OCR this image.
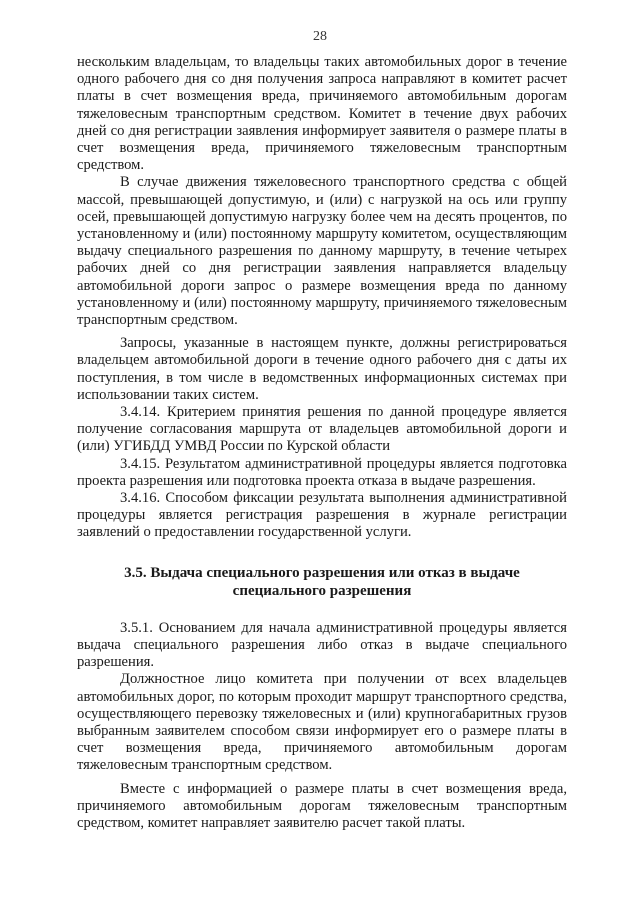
28

нескольким владельцам, то владельцы таких автомобильных дорог в течение одного рабочего дня со дня получения запроса направляют в комитет расчет платы в счет возмещения вреда, причиняемого автомобильным дорогам тяжеловесным транспортным средством. Комитет в течение двух рабочих дней со дня регистрации заявления информирует заявителя о размере платы в счет возмещения вреда, причиняемого тяжеловесным транспортным средством.

В случае движения тяжеловесного транспортного средства с общей массой, превышающей допустимую, и (или) с нагрузкой на ось или группу осей, превышающей допустимую нагрузку более чем на десять процентов, по установленному и (или) постоянному маршруту комитетом, осуществляющим выдачу специального разрешения по данному маршруту, в течение четырех рабочих дней со дня регистрации заявления направляется владельцу автомобильной дороги запрос о размере возмещения вреда по данному установленному и (или) постоянному маршруту, причиняемого тяжеловесным транспортным средством.

Запросы, указанные в настоящем пункте, должны регистрироваться владельцем автомобильной дороги в течение одного рабочего дня с даты их поступления, в том числе в ведомственных информационных системах при использовании таких систем.

3.4.14. Критерием принятия решения по данной процедуре является получение согласования маршрута от владельцев автомобильной дороги и (или) УГИБДД УМВД России по Курской области

3.4.15. Результатом административной процедуры является подготовка проекта разрешения или подготовка проекта отказа в выдаче разрешения.

3.4.16. Способом фиксации результата выполнения административной процедуры является регистрация разрешения в журнале регистрации заявлений о предоставлении государственной услуги.

3.5. Выдача специального разрешения или отказ в выдаче специального разрешения

3.5.1. Основанием для начала административной процедуры является выдача специального разрешения либо отказ в выдаче специального разрешения.

Должностное лицо комитета при получении от всех владельцев автомобильных дорог, по которым проходит маршрут транспортного средства, осуществляющего перевозку тяжеловесных и (или) крупногабаритных грузов выбранным заявителем способом связи информирует его о размере платы в счет возмещения вреда, причиняемого автомобильным дорогам тяжеловесным транспортным средством.

Вместе с информацией о размере платы в счет возмещения вреда, причиняемого автомобильным дорогам тяжеловесным транспортным средством, комитет направляет заявителю расчет такой платы.
